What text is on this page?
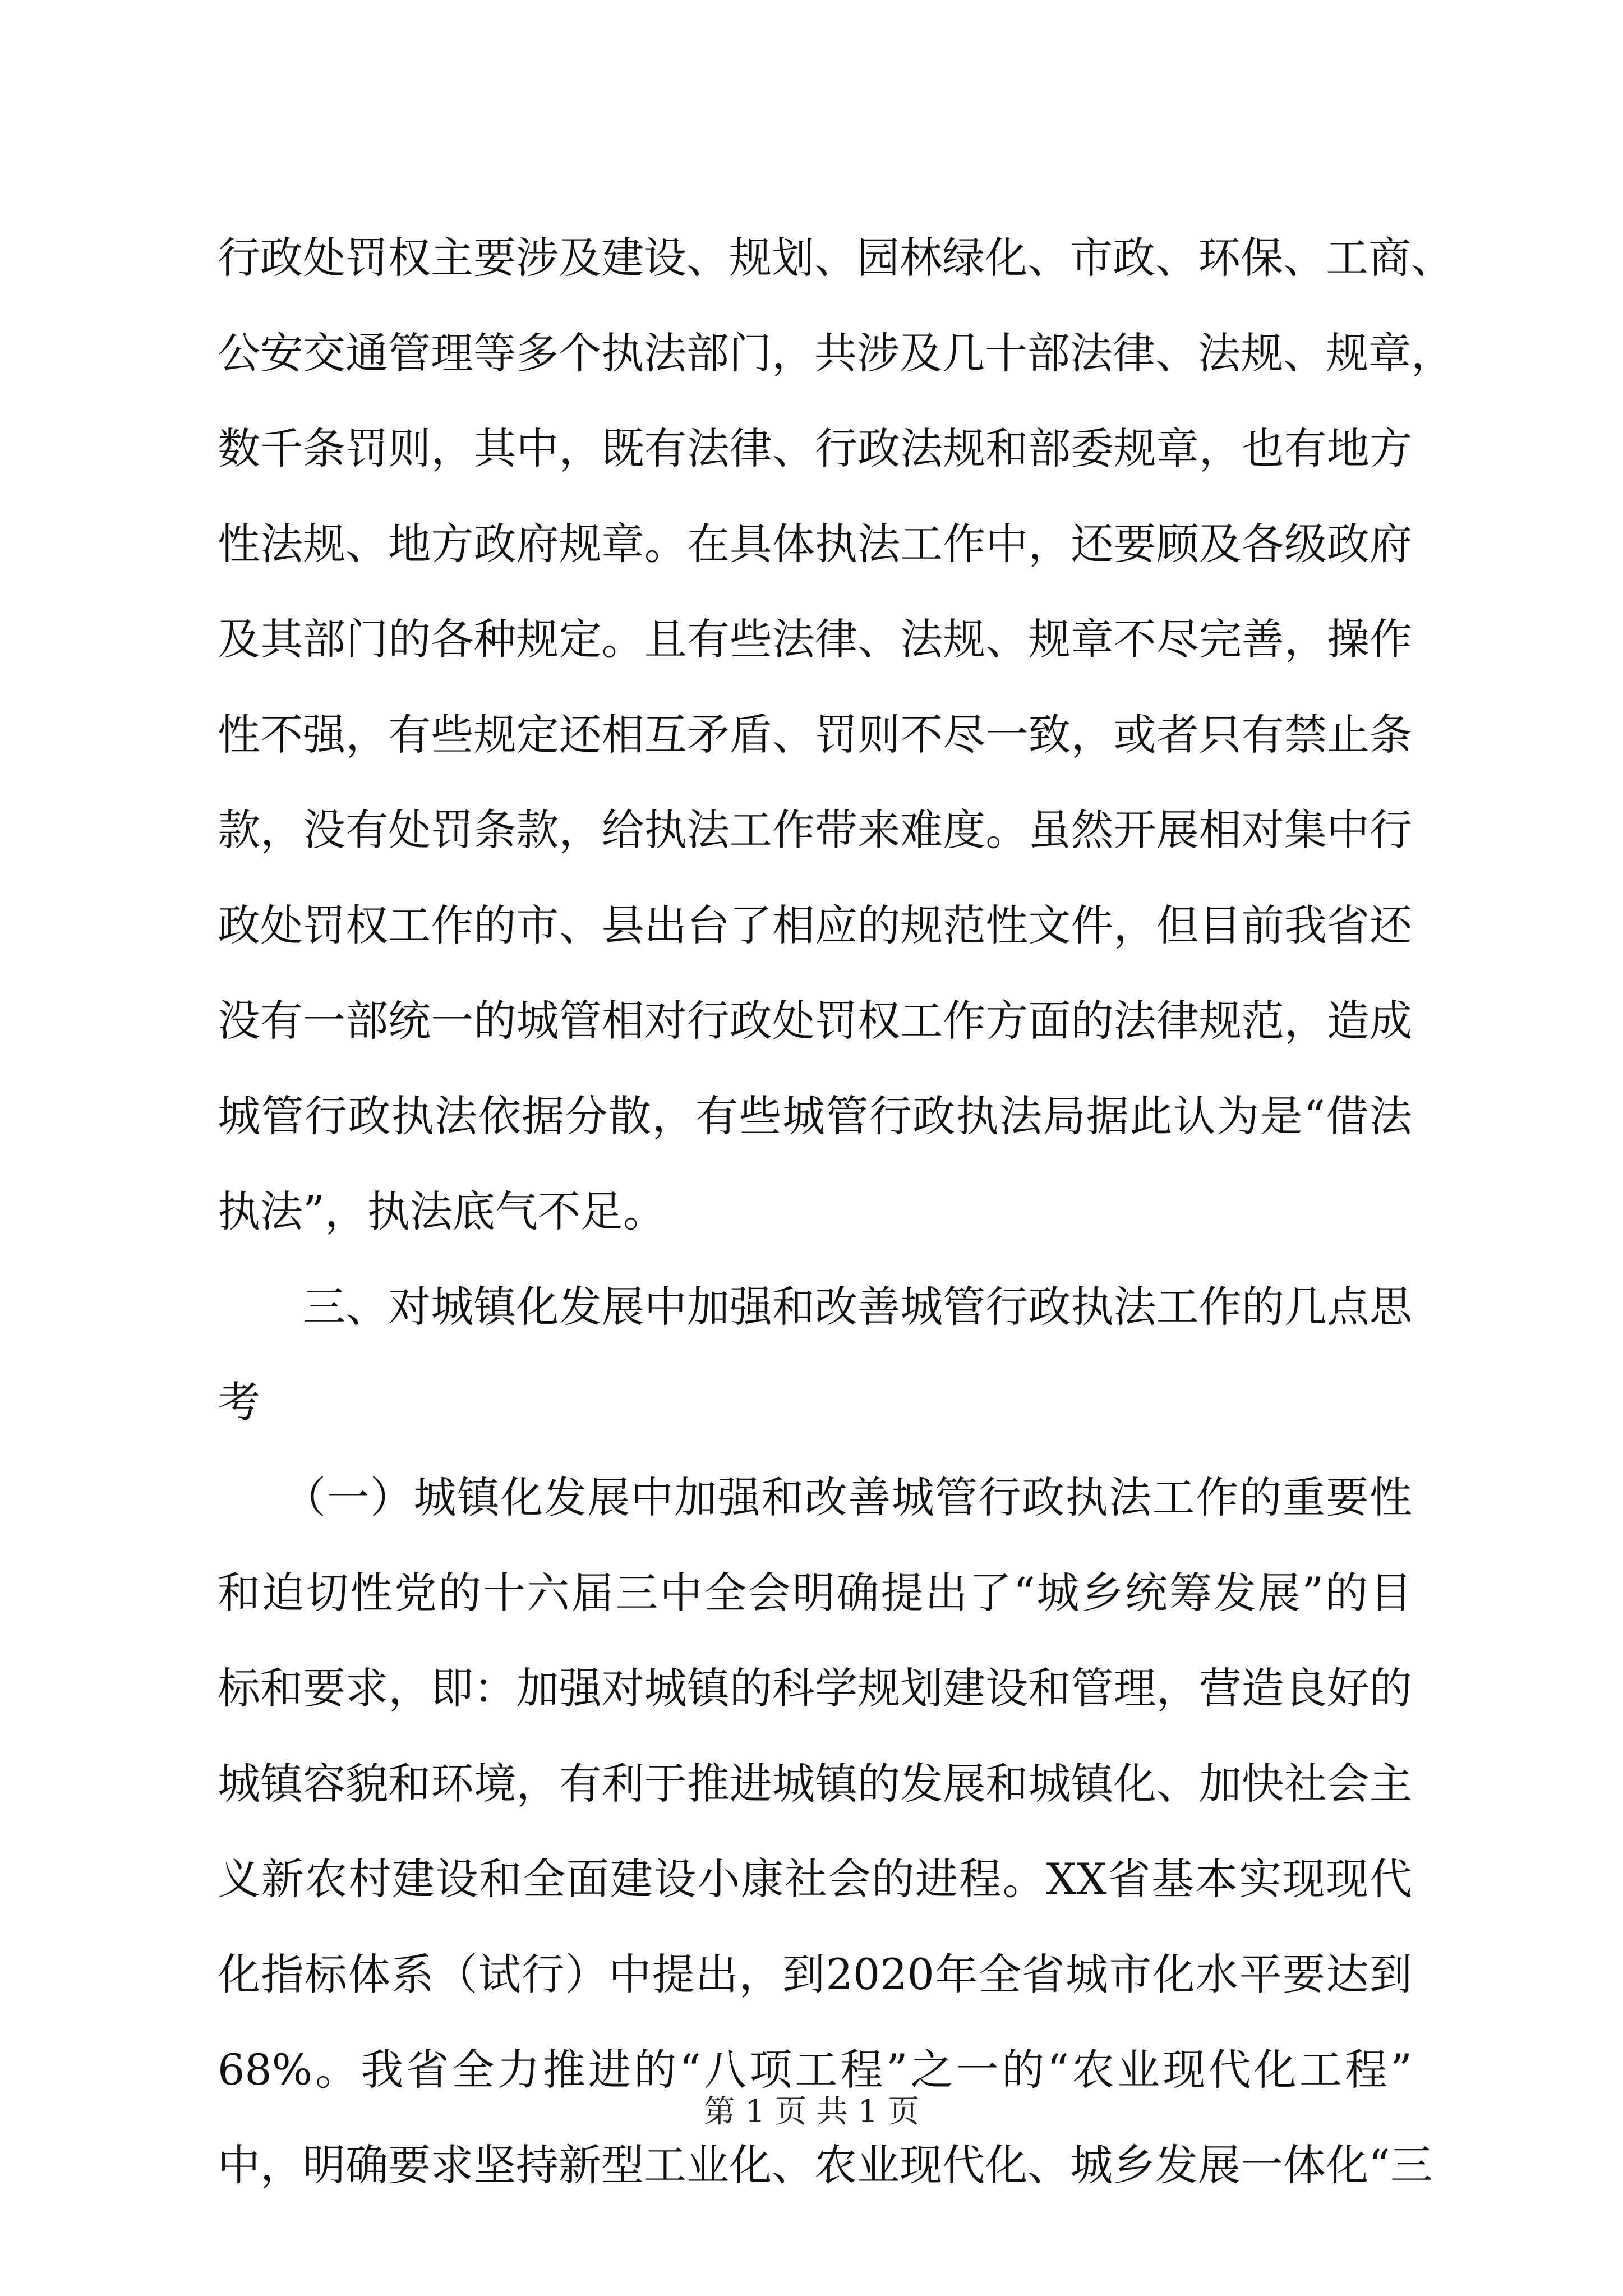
行政处罚权主要涉及建设、规划、园林绿化、市政、环保、工商、
公安交通管理等多个执法部门，共涉及几十部法律、法规、规章，
数千条罚则，其中，既有法律、行政法规和部委规章，也有地方
性法规、地方政府规章。在具体执法工作中，还要顾及各级政府
及其部门的各种规定。且有些法律、法规、规章不尽完善，操作
性不强，有些规定还相互矛盾、罚则不尽一致，或者只有禁止条
款，没有处罚条款，给执法工作带来难度。虽然开展相对集中行
政处罚权工作的市、县出台了相应的规范性文件，但目前我省还
没有一部统一的城管相对行政处罚权工作方面的法律规范，造成
城管行政执法依据分散，有些城管行政执法局据此认为是“借法
执法”，执法底气不足。
　　三、对城镇化发展中加强和改善城管行政执法工作的几点思
考
　　（一）城镇化发展中加强和改善城管行政执法工作的重要性
和迫切性党的十六届三中全会明确提出了“城乡统筹发展”的目
标和要求，即：加强对城镇的科学规划建设和管理，营造良好的
城镇容貌和环境，有利于推进城镇的发展和城镇化、加快社会主
义新农村建设和全面建设小康社会的进程。XX省基本实现现代
化指标体系（试行）中提出，到2020年全省城市化水平要达到
68%。我省全力推进的“八项工程”之一的“农业现代化工程”
中，明确要求坚持新型工业化、农业现代化、城乡发展一体化“三
第 1 页 共 1 页
